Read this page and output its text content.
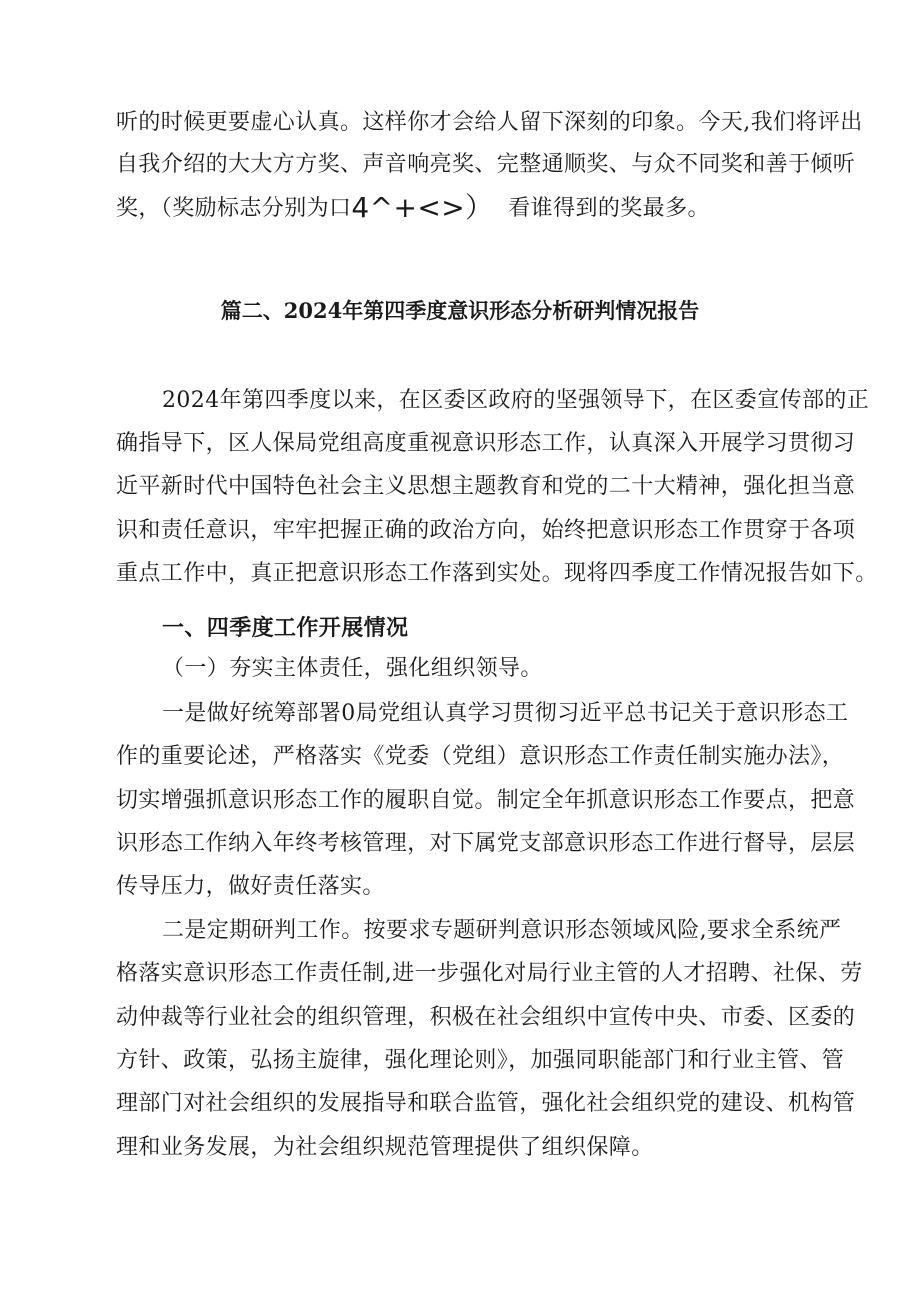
听的时候更要虚心认真。这样你才会给人留下深刻的印象。今天,我们将评出
自我介绍的大大方方奖、声音响亮奖、完整通顺奖、与众不同奖和善于倾听
奖，（奖励标志分别为口4^+<>） 看谁得到的奖最多。
篇二、2024年第四季度意识形态分析研判情况报告
2024年第四季度以来，在区委区政府的坚强领导下，在区委宣传部的正
确指导下，区人保局党组高度重视意识形态工作，认真深入开展学习贯彻习
近平新时代中国特色社会主义思想主题教育和党的二十大精神，强化担当意
识和责任意识，牢牢把握正确的政治方向，始终把意识形态工作贯穿于各项
重点工作中，真正把意识形态工作落到实处。现将四季度工作情况报告如下。
一、四季度工作开展情况
（一）夯实主体责任，强化组织领导。
一是做好统筹部署0局党组认真学习贯彻习近平总书记关于意识形态工
作的重要论述，严格落实《党委（党组）意识形态工作责任制实施办法》，
切实增强抓意识形态工作的履职自觉。制定全年抓意识形态工作要点，把意
识形态工作纳入年终考核管理，对下属党支部意识形态工作进行督导，层层
传导压力，做好责任落实。
二是定期研判工作。按要求专题研判意识形态领域风险,要求全系统严
格落实意识形态工作责任制,进一步强化对局行业主管的人才招聘、社保、劳
动仲裁等行业社会的组织管理，积极在社会组织中宣传中央、市委、区委的
方针、政策，弘扬主旋律，强化理论则》，加强同职能部门和行业主管、管
理部门对社会组织的发展指导和联合监管，强化社会组织党的建设、机构管
理和业务发展，为社会组织规范管理提供了组织保障。
